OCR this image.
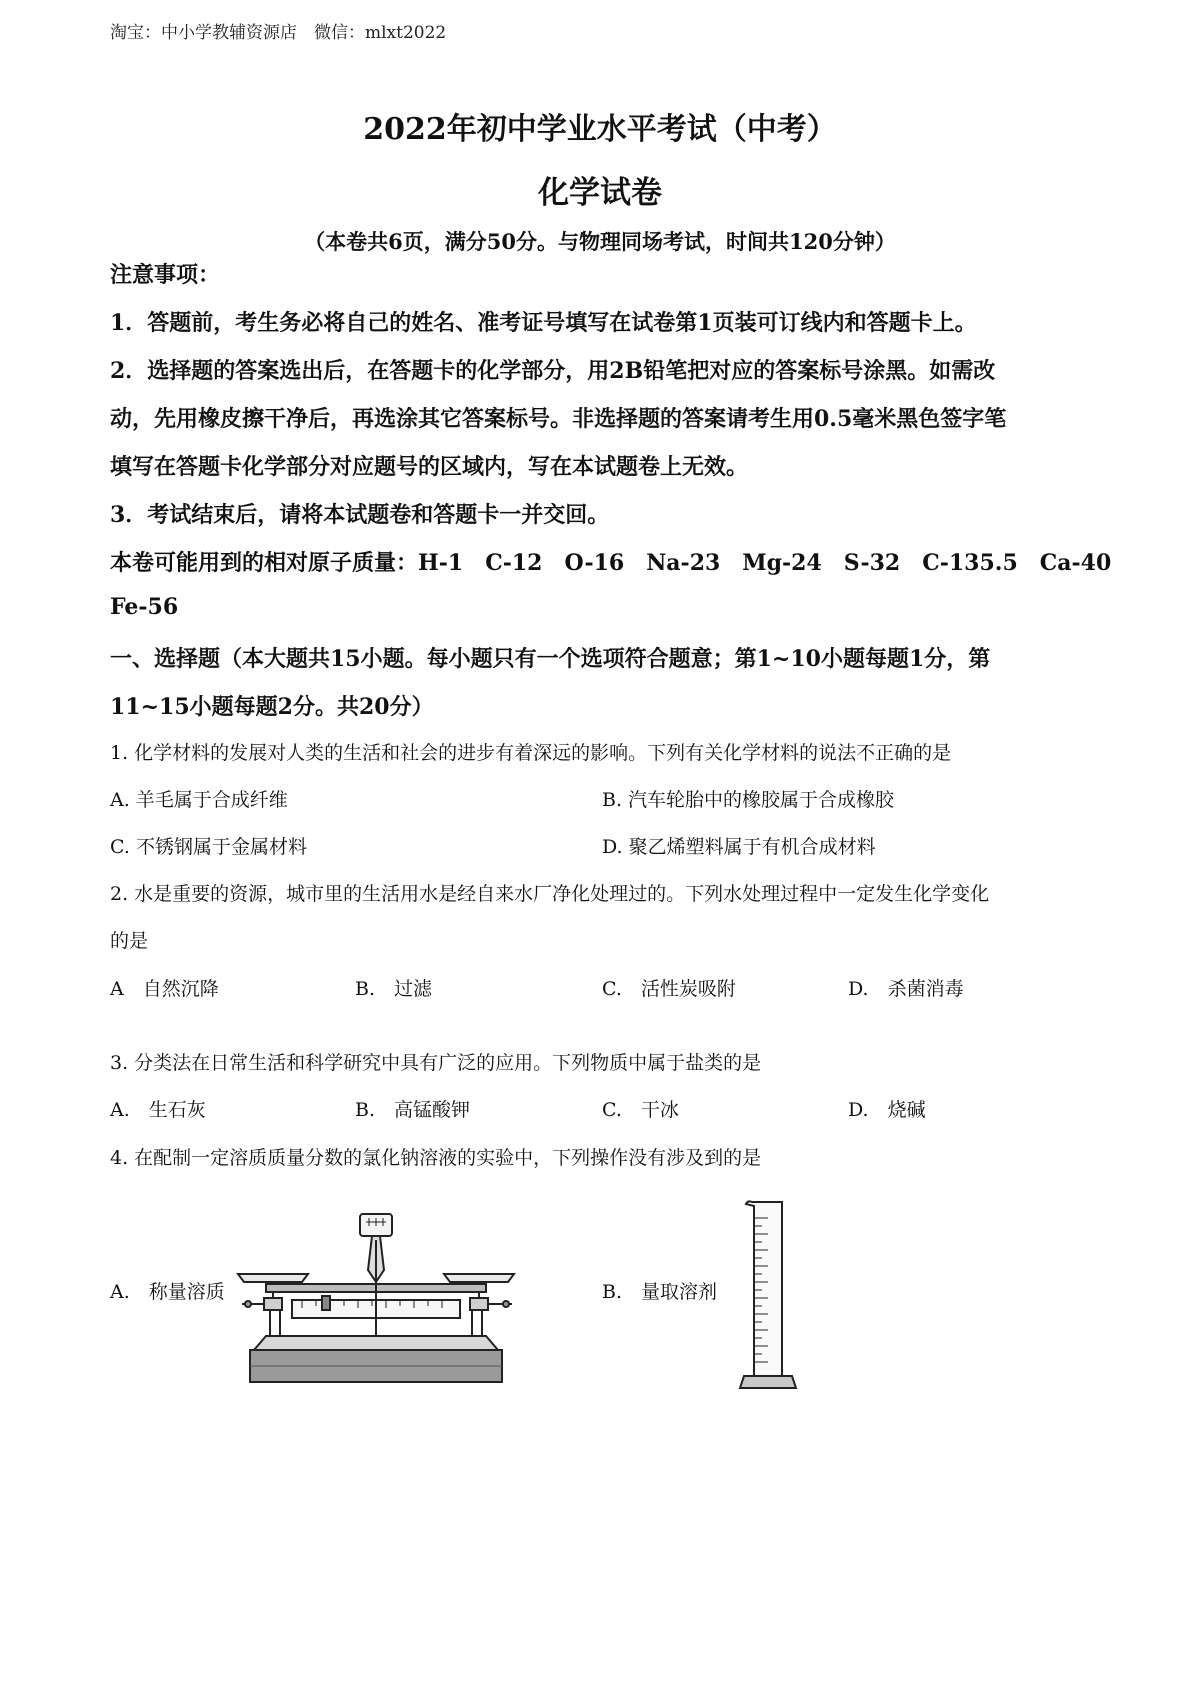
淘宝：中小学教辅资源店　微信：mlxt2022
2022年初中学业水平考试（中考）
化学试卷
（本卷共6页，满分50分。与物理同场考试，时间共120分钟）
注意事项：
1．答题前，考生务必将自己的姓名、准考证号填写在试卷第1页装可订线内和答题卡上。
2．选择题的答案选出后，在答题卡的化学部分，用2B铅笔把对应的答案标号涂黑。如需改
动，先用橡皮擦干净后，再选涂其它答案标号。非选择题的答案请考生用0.5毫米黑色签字笔
填写在答题卡化学部分对应题号的区域内，写在本试题卷上无效。
3．考试结束后，请将本试题卷和答题卡一并交回。
本卷可能用到的相对原子质量：H-1　C-12　O-16　Na-23　Mg-24　S-32　C-135.5　Ca-40
Fe-56
一、选择题（本大题共15小题。每小题只有一个选项符合题意；第1~10小题每题1分，第
11~15小题每题2分。共20分）
1. 化学材料的发展对人类的生活和社会的进步有着深远的影响。下列有关化学材料的说法不正确的是
A. 羊毛属于合成纤维	B. 汽车轮胎中的橡胶属于合成橡胶
C. 不锈钢属于金属材料	D. 聚乙烯塑料属于有机合成材料
2. 水是重要的资源，城市里的生活用水是经自来水厂净化处理过的。下列水处理过程中一定发生化学变化
的是
A　自然沉降	B.　过滤	C.　活性炭吸附	D.　杀菌消毒
3. 分类法在日常生活和科学研究中具有广泛的应用。下列物质中属于盐类的是
A.　生石灰	B.　高锰酸钾	C.　干冰	D.　烧碱
4. 在配制一定溶质质量分数的氯化钠溶液的实验中，下列操作没有涉及到的是
A.　称量溶质	B.　量取溶剂
